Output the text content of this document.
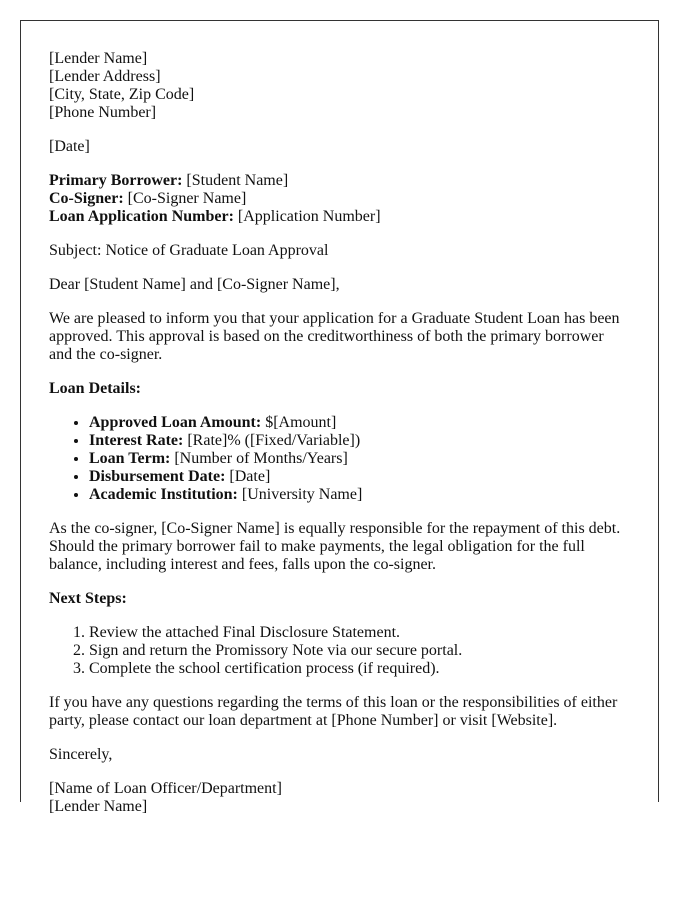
[Lender Name]
[Lender Address]
[City, State, Zip Code]
[Phone Number]

[Date]

Primary Borrower: [Student Name]
Co-Signer: [Co-Signer Name]
Loan Application Number: [Application Number]

Subject: Notice of Graduate Loan Approval

Dear [Student Name] and [Co-Signer Name],

We are pleased to inform you that your application for a Graduate Student Loan has been approved. This approval is based on the creditworthiness of both the primary borrower and the co-signer.

Loan Details:

• Approved Loan Amount: $[Amount]
• Interest Rate: [Rate]% ([Fixed/Variable])
• Loan Term: [Number of Months/Years]
• Disbursement Date: [Date]
• Academic Institution: [University Name]

As the co-signer, [Co-Signer Name] is equally responsible for the repayment of this debt. Should the primary borrower fail to make payments, the legal obligation for the full balance, including interest and fees, falls upon the co-signer.

Next Steps:

1. Review the attached Final Disclosure Statement.
2. Sign and return the Promissory Note via our secure portal.
3. Complete the school certification process (if required).

If you have any questions regarding the terms of this loan or the responsibilities of either party, please contact our loan department at [Phone Number] or visit [Website].

Sincerely,

[Name of Loan Officer/Department]
[Lender Name]
